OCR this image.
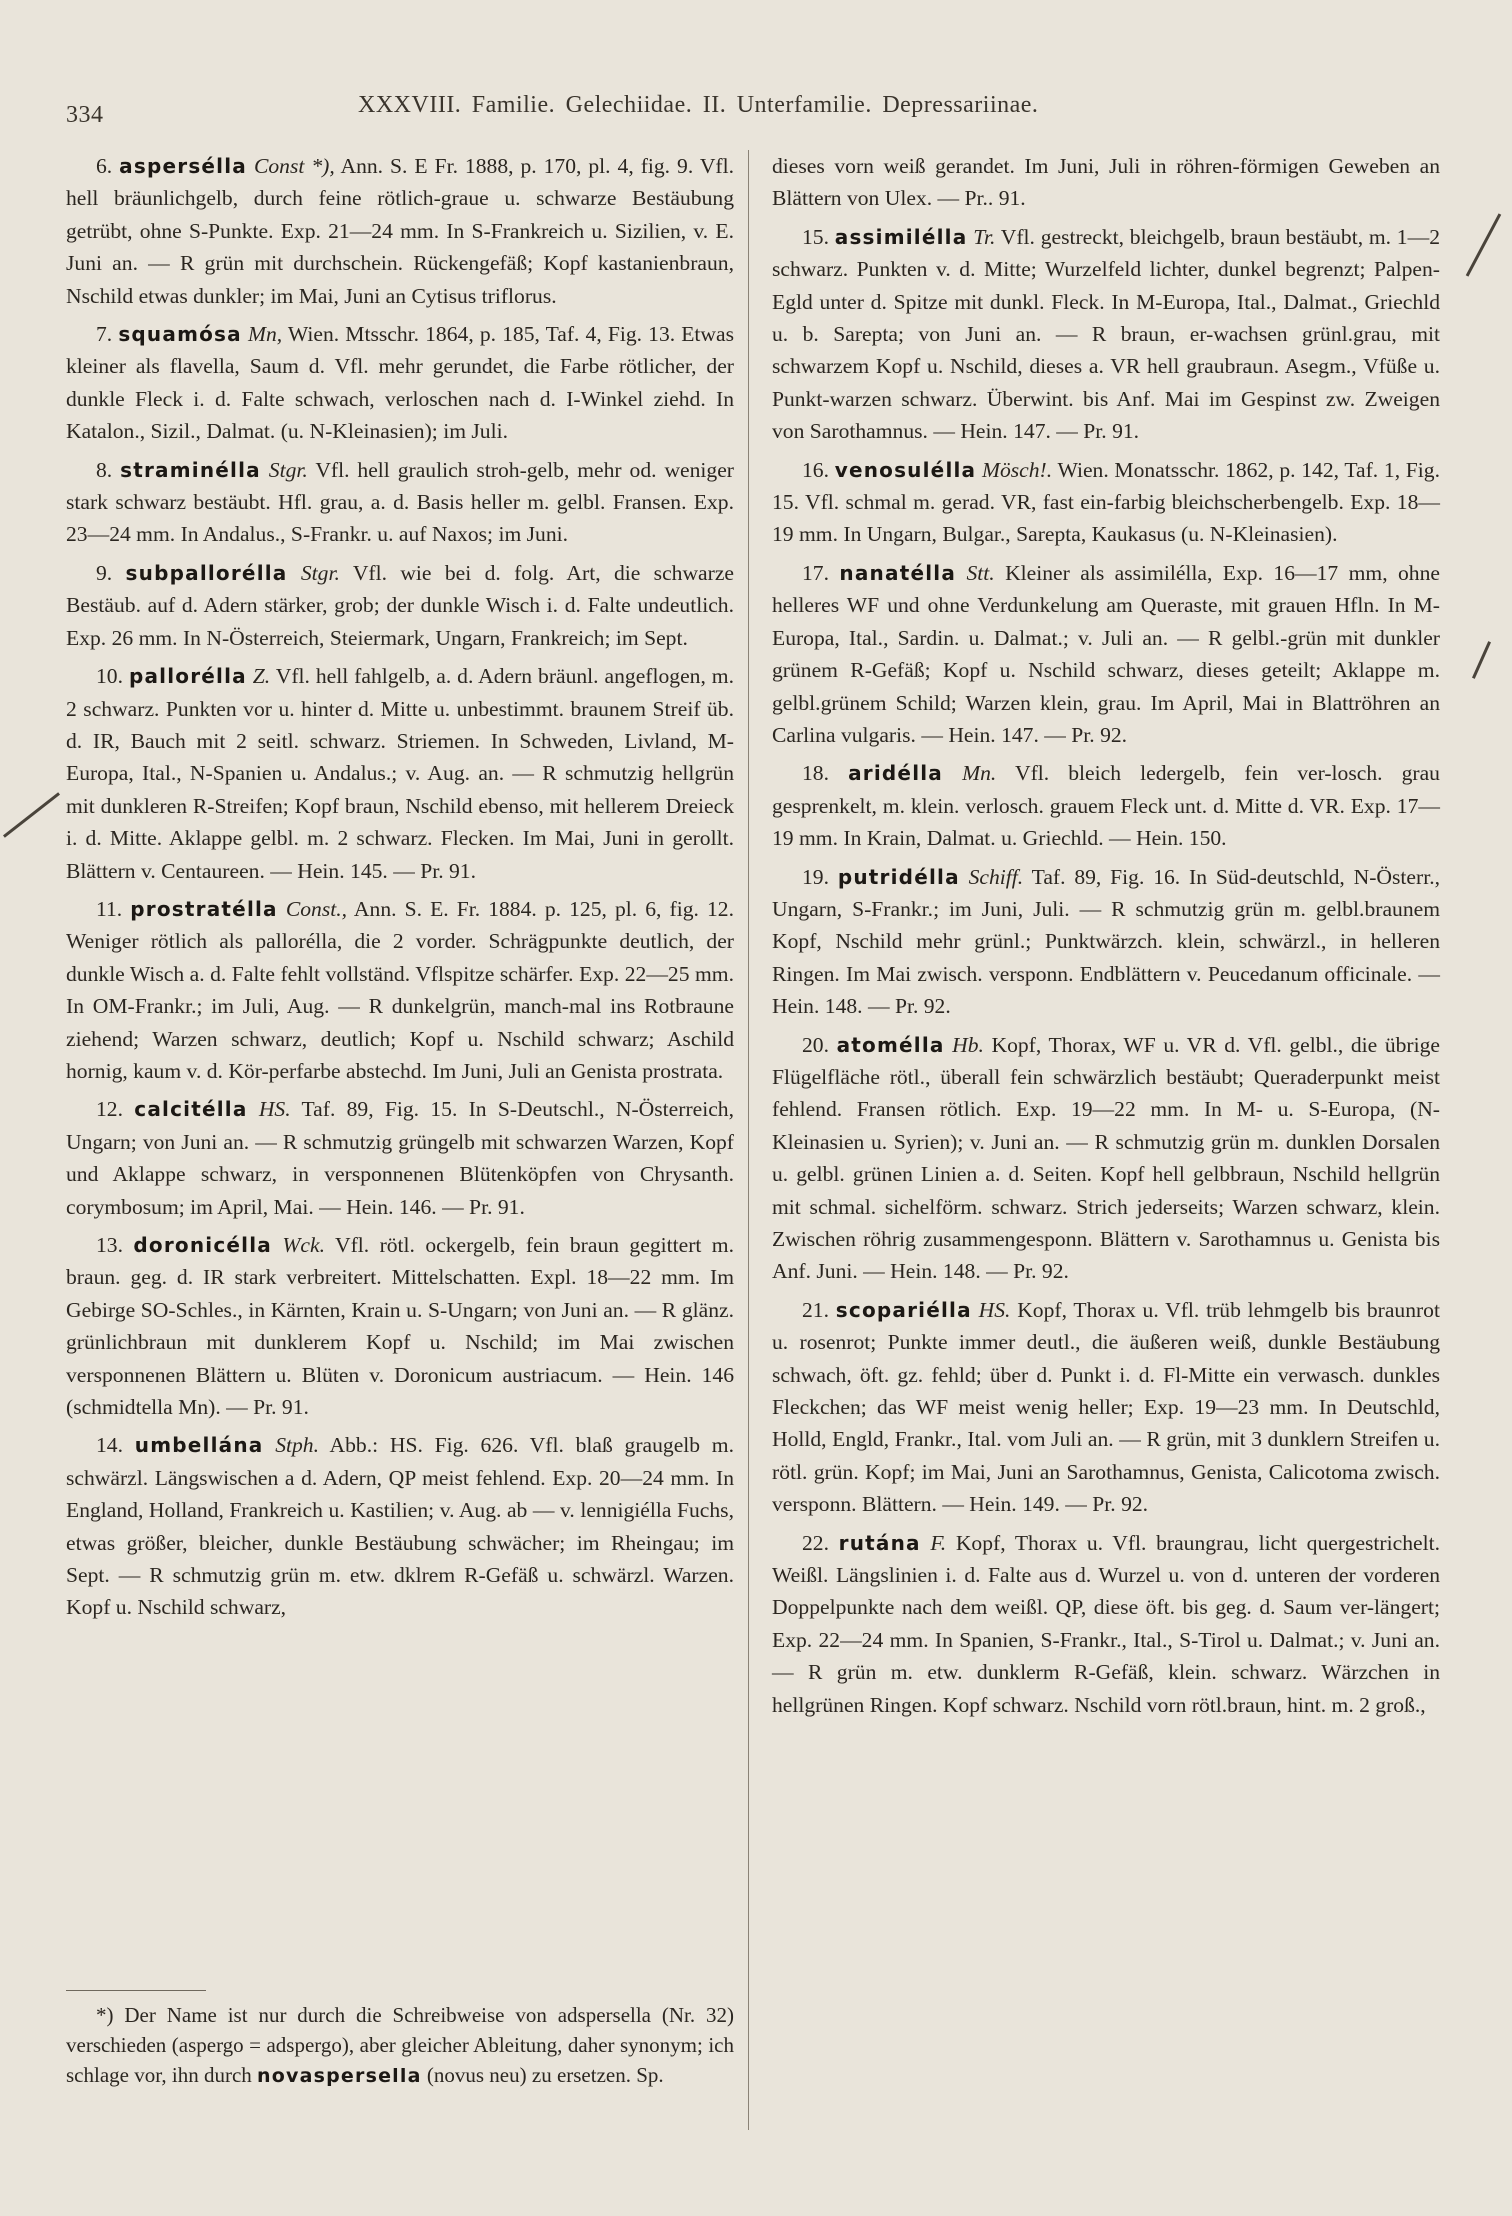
334	XXXVIII. Familie. Gelechiidae. II. Unterfamilie. Depressariinae.

6. aspersélla Const *), Ann. S. E Fr. 1888, p. 170, pl. 4, fig. 9. Vfl. hell bräunlichgelb, durch feine rötlich-graue u. schwarze Bestäubung getrübt, ohne S-Punkte. Exp. 21—24 mm. In S-Frankreich u. Sizilien, v. E. Juni an. — R grün mit durchschein. Rückengefäß; Kopf kastanienbraun, Nschild etwas dunkler; im Mai, Juni an Cytisus triflorus.

7. squamósa Mn, Wien. Mtsschr. 1864, p. 185, Taf. 4, Fig. 13. Etwas kleiner als flavella, Saum d. Vfl. mehr gerundet, die Farbe rötlicher, der dunkle Fleck i. d. Falte schwach, verloschen nach d. I-Winkel ziehd. In Katalon., Sizil., Dalmat. (u. N-Kleinasien); im Juli.

8. straminélla Stgr. Vfl. hell graulich stroh-gelb, mehr od. weniger stark schwarz bestäubt. Hfl. grau, a. d. Basis heller m. gelbl. Fransen. Exp. 23—24 mm. In Andalus., S-Frankr. u. auf Naxos; im Juni.

9. subpallorélla Stgr. Vfl. wie bei d. folg. Art, die schwarze Bestäub. auf d. Adern stärker, grob; der dunkle Wisch i. d. Falte undeutlich. Exp. 26 mm. In N-Österreich, Steiermark, Ungarn, Frankreich; im Sept.

10. pallorélla Z. Vfl. hell fahlgelb, a. d. Adern bräunl. angeflogen, m. 2 schwarz. Punkten vor u. hinter d. Mitte u. unbestimmt. braunem Streif üb. d. IR, Bauch mit 2 seitl. schwarz. Striemen. In Schweden, Livland, M-Europa, Ital., N-Spanien u. Andalus.; v. Aug. an. — R schmutzig hellgrün mit dunkleren R-Streifen; Kopf braun, Nschild ebenso, mit hellerem Dreieck i. d. Mitte. Aklappe gelbl. m. 2 schwarz. Flecken. Im Mai, Juni in gerollt. Blättern v. Centaureen. — Hein. 145. — Pr. 91.

11. prostratélla Const., Ann. S. E. Fr. 1884. p. 125, pl. 6, fig. 12. Weniger rötlich als pallorélla, die 2 vorder. Schrägpunkte deutlich, der dunkle Wisch a. d. Falte fehlt vollständ. Vflspitze schärfer. Exp. 22—25 mm. In OM-Frankr.; im Juli, Aug. — R dunkelgrün, manch-mal ins Rotbraune ziehend; Warzen schwarz, deutlich; Kopf u. Nschild schwarz; Aschild hornig, kaum v. d. Kör-perfarbe abstechd. Im Juni, Juli an Genista prostrata.

12. calcitélla HS. Taf. 89, Fig. 15. In S-Deutschl., N-Österreich, Ungarn; von Juni an. — R schmutzig grüngelb mit schwarzen Warzen, Kopf und Aklappe schwarz, in versponnenen Blütenköpfen von Chrysanth. corymbosum; im April, Mai. — Hein. 146. — Pr. 91.

13. doronicélla Wck. Vfl. rötl. ockergelb, fein braun gegittert m. braun. geg. d. IR stark verbreitert. Mittelschatten. Expl. 18—22 mm. Im Gebirge SO-Schles., in Kärnten, Krain u. S-Ungarn; von Juni an. — R glänz. grünlichbraun mit dunklerem Kopf u. Nschild; im Mai zwischen versponnenen Blättern u. Blüten v. Doronicum austriacum. — Hein. 146 (schmidtella Mn). — Pr. 91.

14. umbellána Stph. Abb.: HS. Fig. 626. Vfl. blaß graugelb m. schwärzl. Längswischen a d. Adern, QP meist fehlend. Exp. 20—24 mm. In England, Holland, Frankreich u. Kastilien; v. Aug. ab — v. lennigiélla Fuchs, etwas größer, bleicher, dunkle Bestäubung schwächer; im Rheingau; im Sept. — R schmutzig grün m. etw. dklrem R-Gefäß u. schwärzl. Warzen. Kopf u. Nschild schwarz,

dieses vorn weiß gerandet. Im Juni, Juli in röhren-förmigen Geweben an Blättern von Ulex. — Pr.. 91.

15. assimilélla Tr. Vfl. gestreckt, bleichgelb, braun bestäubt, m. 1—2 schwarz. Punkten v. d. Mitte; Wurzelfeld lichter, dunkel begrenzt; Palpen-Egld unter d. Spitze mit dunkl. Fleck. In M-Europa, Ital., Dalmat., Griechld u. b. Sarepta; von Juni an. — R braun, er-wachsen grünl.grau, mit schwarzem Kopf u. Nschild, dieses a. VR hell graubraun. Asegm., Vfüße u. Punkt-warzen schwarz. Überwint. bis Anf. Mai im Gespinst zw. Zweigen von Sarothamnus. — Hein. 147. — Pr. 91.

16. venosulélla Mösch!. Wien. Monatsschr. 1862, p. 142, Taf. 1, Fig. 15. Vfl. schmal m. gerad. VR, fast ein-farbig bleichscherbengelb. Exp. 18—19 mm. In Ungarn, Bulgar., Sarepta, Kaukasus (u. N-Kleinasien).

17. nanatélla Stt. Kleiner als assimilélla, Exp. 16—17 mm, ohne helleres WF und ohne Verdunkelung am Queraste, mit grauen Hfln. In M-Europa, Ital., Sardin. u. Dalmat.; v. Juli an. — R gelbl.-grün mit dunkler grünem R-Gefäß; Kopf u. Nschild schwarz, dieses geteilt; Aklappe m. gelbl.grünem Schild; Warzen klein, grau. Im April, Mai in Blattröhren an Carlina vulgaris. — Hein. 147. — Pr. 92.

18. aridélla Mn. Vfl. bleich ledergelb, fein ver-losch. grau gesprenkelt, m. klein. verlosch. grauem Fleck unt. d. Mitte d. VR. Exp. 17—19 mm. In Krain, Dalmat. u. Griechld. — Hein. 150.

19. putridélla Schiff. Taf. 89, Fig. 16. In Süd-deutschld, N-Österr., Ungarn, S-Frankr.; im Juni, Juli. — R schmutzig grün m. gelbl.braunem Kopf, Nschild mehr grünl.; Punktwärzch. klein, schwärzl., in helleren Ringen. Im Mai zwisch. versponn. Endblättern v. Peucedanum officinale. — Hein. 148. — Pr. 92.

20. atomélla Hb. Kopf, Thorax, WF u. VR d. Vfl. gelbl., die übrige Flügelfläche rötl., überall fein schwärzlich bestäubt; Queraderpunkt meist fehlend. Fransen rötlich. Exp. 19—22 mm. In M- u. S-Europa, (N-Kleinasien u. Syrien); v. Juni an. — R schmutzig grün m. dunklen Dorsalen u. gelbl. grünen Linien a. d. Seiten. Kopf hell gelbbraun, Nschild hellgrün mit schmal. sichelförm. schwarz. Strich jederseits; Warzen schwarz, klein. Zwischen röhrig zusammengesponn. Blättern v. Sarothamnus u. Genista bis Anf. Juni. — Hein. 148. — Pr. 92.

21. scopariélla HS. Kopf, Thorax u. Vfl. trüb lehmgelb bis braunrot u. rosenrot; Punkte immer deutl., die äußeren weiß, dunkle Bestäubung schwach, öft. gz. fehld; über d. Punkt i. d. Fl-Mitte ein verwasch. dunkles Fleckchen; das WF meist wenig heller; Exp. 19—23 mm. In Deutschld, Holld, Engld, Frankr., Ital. vom Juli an. — R grün, mit 3 dunklern Streifen u. rötl. grün. Kopf; im Mai, Juni an Sarothamnus, Genista, Calicotoma zwisch. versponn. Blättern. — Hein. 149. — Pr. 92.

22. rutána F. Kopf, Thorax u. Vfl. braungrau, licht quergestrichelt. Weißl. Längslinien i. d. Falte aus d. Wurzel u. von d. unteren der vorderen Doppelpunkte nach dem weißl. QP, diese öft. bis geg. d. Saum ver-längert; Exp. 22—24 mm. In Spanien, S-Frankr., Ital., S-Tirol u. Dalmat.; v. Juni an. — R grün m. etw. dunklerm R-Gefäß, klein. schwarz. Wärzchen in hellgrünen Ringen. Kopf schwarz. Nschild vorn rötl.braun, hint. m. 2 groß.,

*) Der Name ist nur durch die Schreibweise von adspersella (Nr. 32) verschieden (aspergo = adspergo), aber gleicher Ableitung, daher synonym; ich schlage vor, ihn durch novaspersella (novus neu) zu ersetzen. Sp.
